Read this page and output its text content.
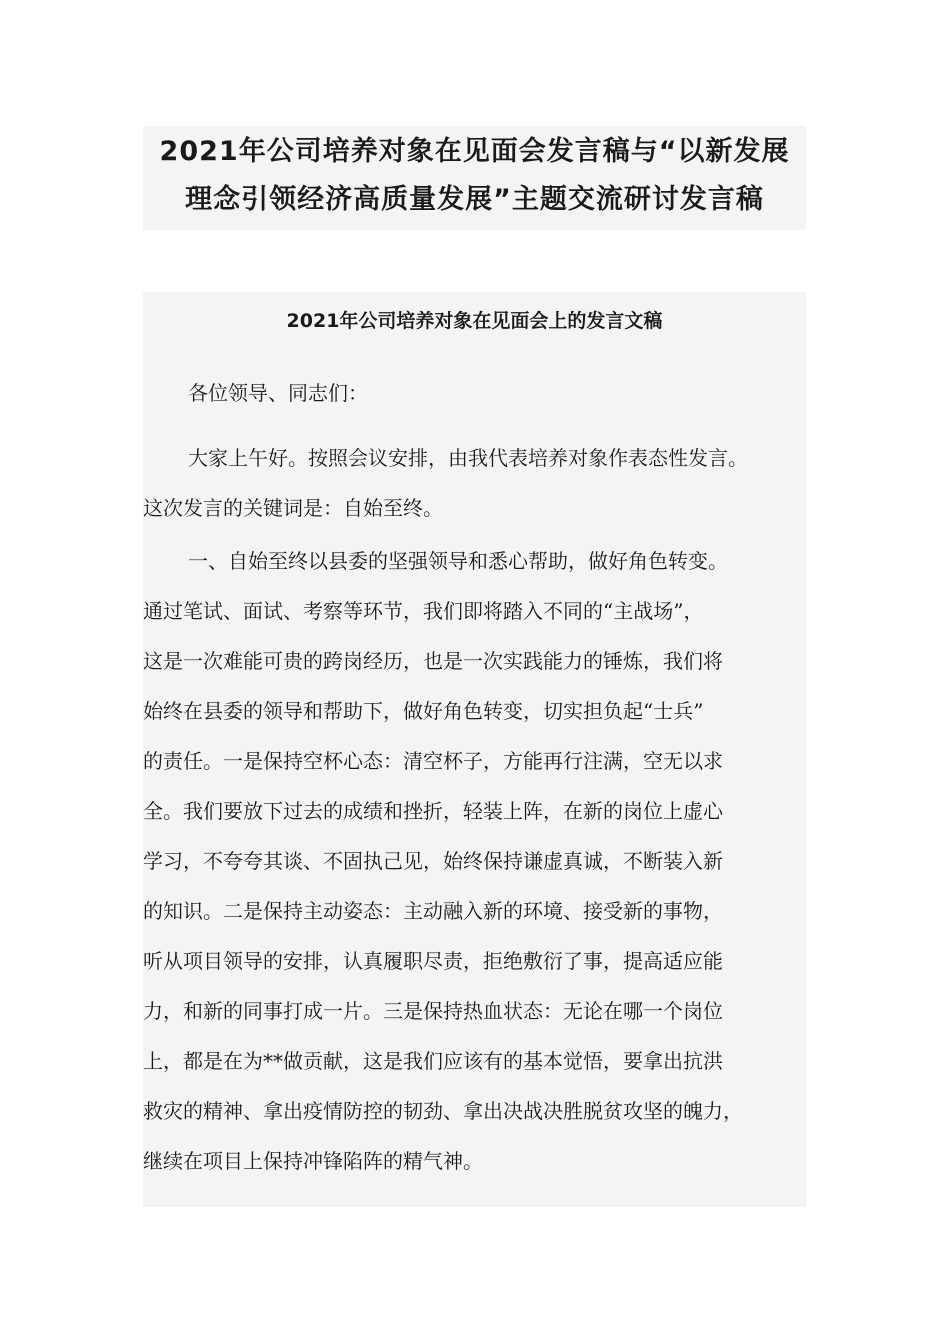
2021年公司培养对象在见面会发言稿与“以新发展
理念引领经济高质量发展”主题交流研讨发言稿
2021年公司培养对象在见面会上的发言文稿
各位领导、同志们：
大家上午好。按照会议安排，由我代表培养对象作表态性发言。
这次发言的关键词是：自始至终。
一、自始至终以县委的坚强领导和悉心帮助，做好角色转变。
通过笔试、面试、考察等环节，我们即将踏入不同的“主战场”，
这是一次难能可贵的跨岗经历，也是一次实践能力的锤炼，我们将
始终在县委的领导和帮助下，做好角色转变，切实担负起“士兵”
的责任。一是保持空杯心态：清空杯子，方能再行注满，空无以求
全。我们要放下过去的成绩和挫折，轻装上阵，在新的岗位上虚心
学习，不夸夸其谈、不固执己见，始终保持谦虚真诚，不断装入新
的知识。二是保持主动姿态：主动融入新的环境、接受新的事物，
听从项目领导的安排，认真履职尽责，拒绝敷衍了事，提高适应能
力，和新的同事打成一片。三是保持热血状态：无论在哪一个岗位
上，都是在为**做贡献，这是我们应该有的基本觉悟，要拿出抗洪
救灾的精神、拿出疫情防控的韧劲、拿出决战决胜脱贫攻坚的魄力，
继续在项目上保持冲锋陷阵的精气神。
